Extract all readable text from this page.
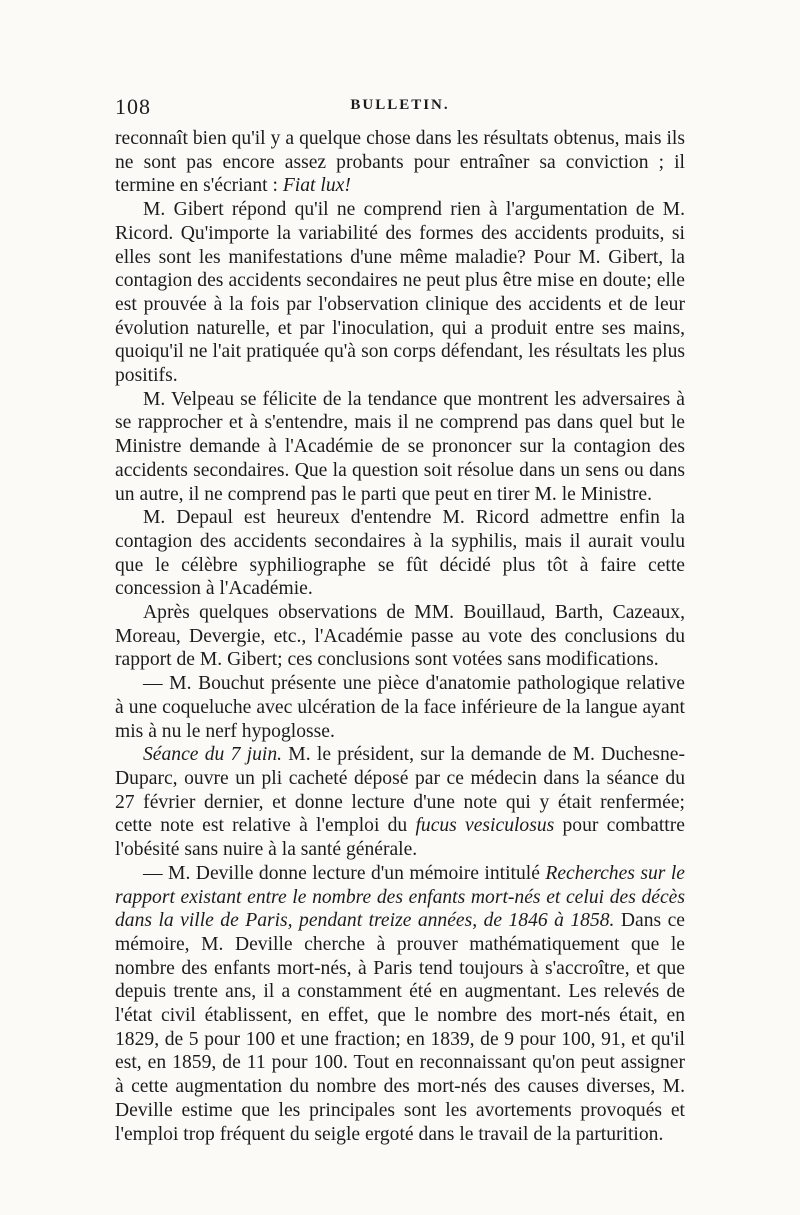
108	BULLETIN.

reconnaît bien qu'il y a quelque chose dans les résultats obtenus, mais ils ne sont pas encore assez probants pour entraîner sa conviction ; il termine en s'écriant : Fiat lux!

M. Gibert répond qu'il ne comprend rien à l'argumentation de M. Ricord. Qu'importe la variabilité des formes des accidents produits, si elles sont les manifestations d'une même maladie? Pour M. Gibert, la contagion des accidents secondaires ne peut plus être mise en doute; elle est prouvée à la fois par l'observation clinique des accidents et de leur évolution naturelle, et par l'inoculation, qui a produit entre ses mains, quoiqu'il ne l'ait pratiquée qu'à son corps défendant, les résultats les plus positifs.

M. Velpeau se félicite de la tendance que montrent les adversaires à se rapprocher et à s'entendre, mais il ne comprend pas dans quel but le Ministre demande à l'Académie de se prononcer sur la contagion des accidents secondaires. Que la question soit résolue dans un sens ou dans un autre, il ne comprend pas le parti que peut en tirer M. le Ministre.

M. Depaul est heureux d'entendre M. Ricord admettre enfin la contagion des accidents secondaires à la syphilis, mais il aurait voulu que le célèbre syphiliographe se fût décidé plus tôt à faire cette concession à l'Académie.

Après quelques observations de MM. Bouillaud, Barth, Cazeaux, Moreau, Devergie, etc., l'Académie passe au vote des conclusions du rapport de M. Gibert; ces conclusions sont votées sans modifications.

— M. Bouchut présente une pièce d'anatomie pathologique relative à une coqueluche avec ulcération de la face inférieure de la langue ayant mis à nu le nerf hypoglosse.

Séance du 7 juin. M. le président, sur la demande de M. Duchesne-Duparc, ouvre un pli cacheté déposé par ce médecin dans la séance du 27 février dernier, et donne lecture d'une note qui y était renfermée; cette note est relative à l'emploi du fucus vesiculosus pour combattre l'obésité sans nuire à la santé générale.

— M. Deville donne lecture d'un mémoire intitulé Recherches sur le rapport existant entre le nombre des enfants mort-nés et celui des décès dans la ville de Paris, pendant treize années, de 1846 à 1858. Dans ce mémoire, M. Deville cherche à prouver mathématiquement que le nombre des enfants mort-nés, à Paris tend toujours à s'accroître, et que depuis trente ans, il a constamment été en augmentant. Les relevés de l'état civil établissent, en effet, que le nombre des mort-nés était, en 1829, de 5 pour 100 et une fraction; en 1839, de 9 pour 100, 91, et qu'il est, en 1859, de 11 pour 100. Tout en reconnaissant qu'on peut assigner à cette augmentation du nombre des mort-nés des causes diverses, M. Deville estime que les principales sont les avortements provoqués et l'emploi trop fréquent du seigle ergoté dans le travail de la parturition.
